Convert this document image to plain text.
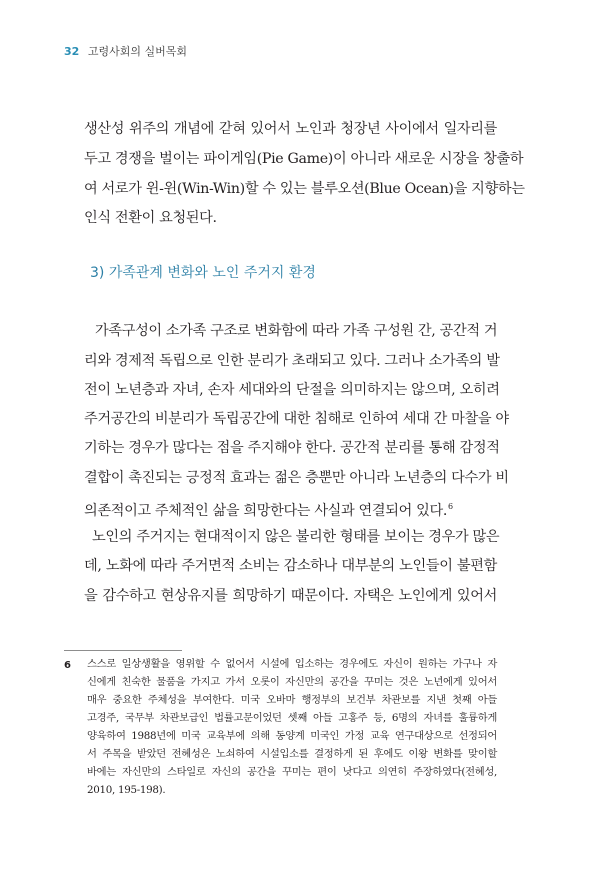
32 고령사회의 실버목회
생산성 위주의 개념에 갇혀 있어서 노인과 청장년 사이에서 일자리를
두고 경쟁을 벌이는 파이게임(Pie Game)이 아니라 새로운 시장을 창출하
여 서로가 윈-윈(Win-Win)할 수 있는 블루오션(Blue Ocean)을 지향하는
인식 전환이 요청된다.
3) 가족관계 변화와 노인 주거지 환경
가족구성이 소가족 구조로 변화함에 따라 가족 구성원 간, 공간적 거
리와 경제적 독립으로 인한 분리가 초래되고 있다. 그러나 소가족의 발
전이 노년층과 자녀, 손자 세대와의 단절을 의미하지는 않으며, 오히려
주거공간의 비분리가 독립공간에 대한 침해로 인하여 세대 간 마찰을 야
기하는 경우가 많다는 점을 주지해야 한다. 공간적 분리를 통해 감정적
결합이 촉진되는 긍정적 효과는 젊은 층뿐만 아니라 노년층의 다수가 비
의존적이고 주체적인 삶을 희망한다는 사실과 연결되어 있다.$^6$
노인의 주거지는 현대적이지 않은 불리한 형태를 보이는 경우가 많은
데, 노화에 따라 주거면적 소비는 감소하나 대부분의 노인들이 불편함
을 감수하고 현상유지를 희망하기 때문이다. 자택은 노인에게 있어서
6 스스로 일상생활을 영위할 수 없어서 시설에 입소하는 경우에도 자신이 원하는 가구나 자
신에게 친숙한 물품을 가지고 가서 오롯이 자신만의 공간을 꾸미는 것은 노년에게 있어서
매우 중요한 주체성을 부여한다. 미국 오바마 행정부의 보건부 차관보를 지낸 첫째 아들
고경주, 국무부 차관보급인 법률고문이었던 셋째 아들 고홍주 등, 6명의 자녀를 훌륭하게
양육하여 1988년에 미국 교육부에 의해 동양계 미국인 가정 교육 연구대상으로 선정되어
서 주목을 받았던 전혜성은 노쇠하여 시설입소를 결정하게 된 후에도 이왕 변화를 맞이할
바에는 자신만의 스타일로 자신의 공간을 꾸미는 편이 낫다고 의연히 주장하였다(전혜성,
2010, 195-198).
